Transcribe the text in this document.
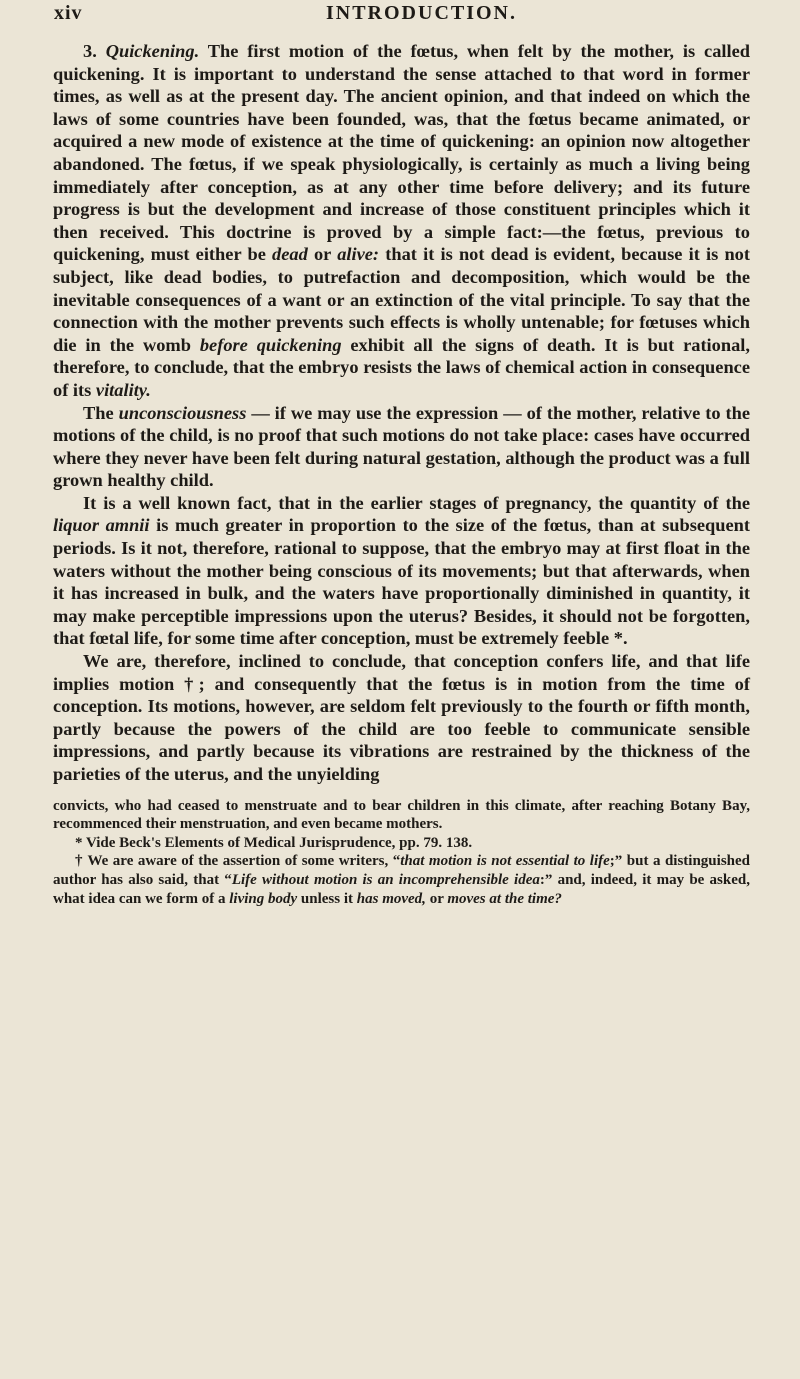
xiv	INTRODUCTION.

3. Quickening. The first motion of the fœtus, when felt by the mother, is called quickening. It is important to understand the sense attached to that word in former times, as well as at the present day. The ancient opinion, and that indeed on which the laws of some countries have been founded, was, that the fœtus became animated, or acquired a new mode of existence at the time of quickening: an opinion now altogether abandoned. The fœtus, if we speak physiologically, is certainly as much a living being immediately after conception, as at any other time before delivery; and its future progress is but the development and increase of those constituent principles which it then received. This doctrine is proved by a simple fact:—the fœtus, previous to quickening, must either be dead or alive: that it is not dead is evident, because it is not subject, like dead bodies, to putrefaction and decomposition, which would be the inevitable consequences of a want or an extinction of the vital principle. To say that the connection with the mother prevents such effects is wholly untenable; for fœtuses which die in the womb before quickening exhibit all the signs of death. It is but rational, therefore, to conclude, that the embryo resists the laws of chemical action in consequence of its vitality.

The unconsciousness — if we may use the expression — of the mother, relative to the motions of the child, is no proof that such motions do not take place: cases have occurred where they never have been felt during natural gestation, although the product was a full grown healthy child.

It is a well known fact, that in the earlier stages of pregnancy, the quantity of the liquor amnii is much greater in proportion to the size of the fœtus, than at subsequent periods. Is it not, therefore, rational to suppose, that the embryo may at first float in the waters without the mother being conscious of its movements; but that afterwards, when it has increased in bulk, and the waters have proportionally diminished in quantity, it may make perceptible impressions upon the uterus? Besides, it should not be forgotten, that fœtal life, for some time after conception, must be extremely feeble *.

We are, therefore, inclined to conclude, that conception confers life, and that life implies motion †; and consequently that the fœtus is in motion from the time of conception. Its motions, however, are seldom felt previously to the fourth or fifth month, partly because the powers of the child are too feeble to communicate sensible impressions, and partly because its vibrations are restrained by the thickness of the parieties of the uterus, and the unyielding

convicts, who had ceased to menstruate and to bear children in this climate, after reaching Botany Bay, recommenced their menstruation, and even became mothers.

* Vide Beck's Elements of Medical Jurisprudence, pp. 79. 138.

† We are aware of the assertion of some writers, “that motion is not essential to life;” but a distinguished author has also said, that “Life without motion is an incomprehensible idea:” and, indeed, it may be asked, what idea can we form of a living body unless it has moved, or moves at the time?
